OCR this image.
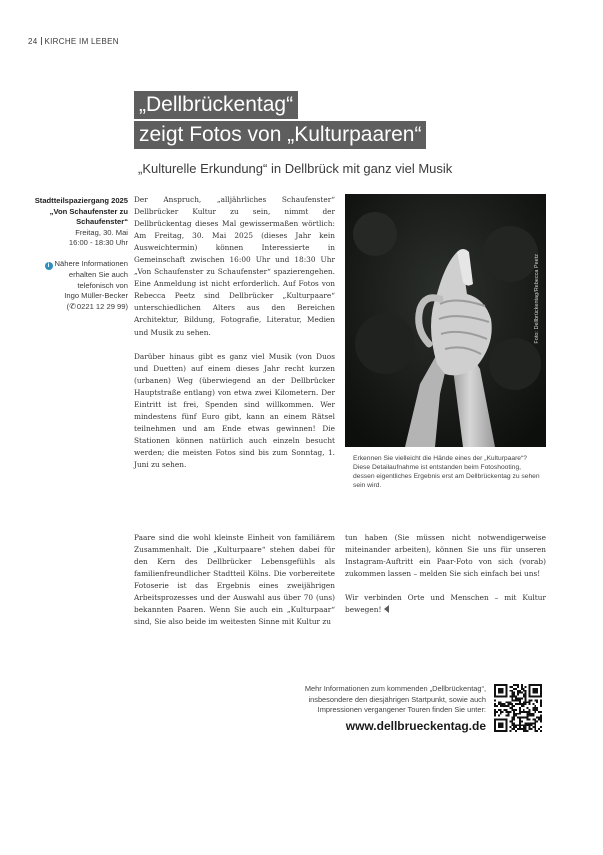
24 KIRCHE IM LEBEN
„Dellbrückentag“
zeigt Fotos von „Kulturpaaren“
„Kulturelle Erkundung“ in Dellbrück mit ganz viel Musik
Stadtteilspaziergang 2025
„Von Schaufenster zu
Schaufenster“
Freitag, 30. Mai
16:00 - 18:30 Uhr
i Nähere Informationen
erhalten Sie auch
telefonisch von
Ingo Müller-Becker
(✆0221 12 29 99)

Der Anspruch, „alljährliches Schaufenster“ Dellbrücker Kultur zu sein, nimmt der Dellbrückentag dieses Mal gewissermaßen wörtlich: Am Freitag, 30. Mai 2025 (dieses Jahr kein Ausweichtermin) können Interessierte in Gemeinschaft zwischen 16:00 Uhr und 18:30 Uhr „Von Schaufenster zu Schaufenster“ spazierengehen. Eine Anmeldung ist nicht erforderlich. Auf Fotos von Rebecca Peetz sind Dellbrücker „Kulturpaare“ unterschiedlichen Alters aus den Bereichen Architektur, Bildung, Fotografie, Literatur, Medien und Musik zu sehen.

Darüber hinaus gibt es ganz viel Musik (von Duos und Duetten) auf einem dieses Jahr recht kurzen (urbanen) Weg (überwiegend an der Dellbrücker Hauptstraße entlang) von etwa zwei Kilometern. Der Eintritt ist frei, Spenden sind willkommen. Wer mindestens fünf Euro gibt, kann an einem Rätsel teilnehmen und am Ende etwas gewinnen! Die Stationen können natürlich auch einzeln besucht werden; die meisten Fotos sind bis zum Sonntag, 1. Juni zu sehen.

Foto: Dellbrückentag/Rebecca Peetz
Erkennen Sie vielleicht die Hände eines der „Kulturpaare“? Diese Detailaufnahme ist entstanden beim Fotoshooting, dessen eigentliches Ergebnis erst am Dellbrückentag zu sehen sein wird.

Paare sind die wohl kleinste Einheit von familiärem Zusammenhalt. Die „Kulturpaare“ stehen dabei für den Kern des Dellbrücker Lebensgefühls als familienfreundlicher Stadtteil Kölns. Die vorbereitete Fotoserie ist das Ergebnis eines zweijährigen Arbeitsprozesses und der Auswahl aus über 70 (uns) bekannten Paaren. Wenn Sie auch ein „Kulturpaar“ sind, Sie also beide im weitesten Sinne mit Kultur zu

tun haben (Sie müssen nicht notwendigerweise miteinander arbeiten), können Sie uns für unseren Instagram-Auftritt ein Paar-Foto von sich (vorab) zukommen lassen – melden Sie sich einfach bei uns!

Wir verbinden Orte und Menschen – mit Kultur bewegen!

Mehr Informationen zum kommenden „Dellbrückentag“,
insbesondere den diesjährigen Startpunkt, sowie auch
Impressionen vergangener Touren finden Sie unter:
www.dellbrueckentag.de
